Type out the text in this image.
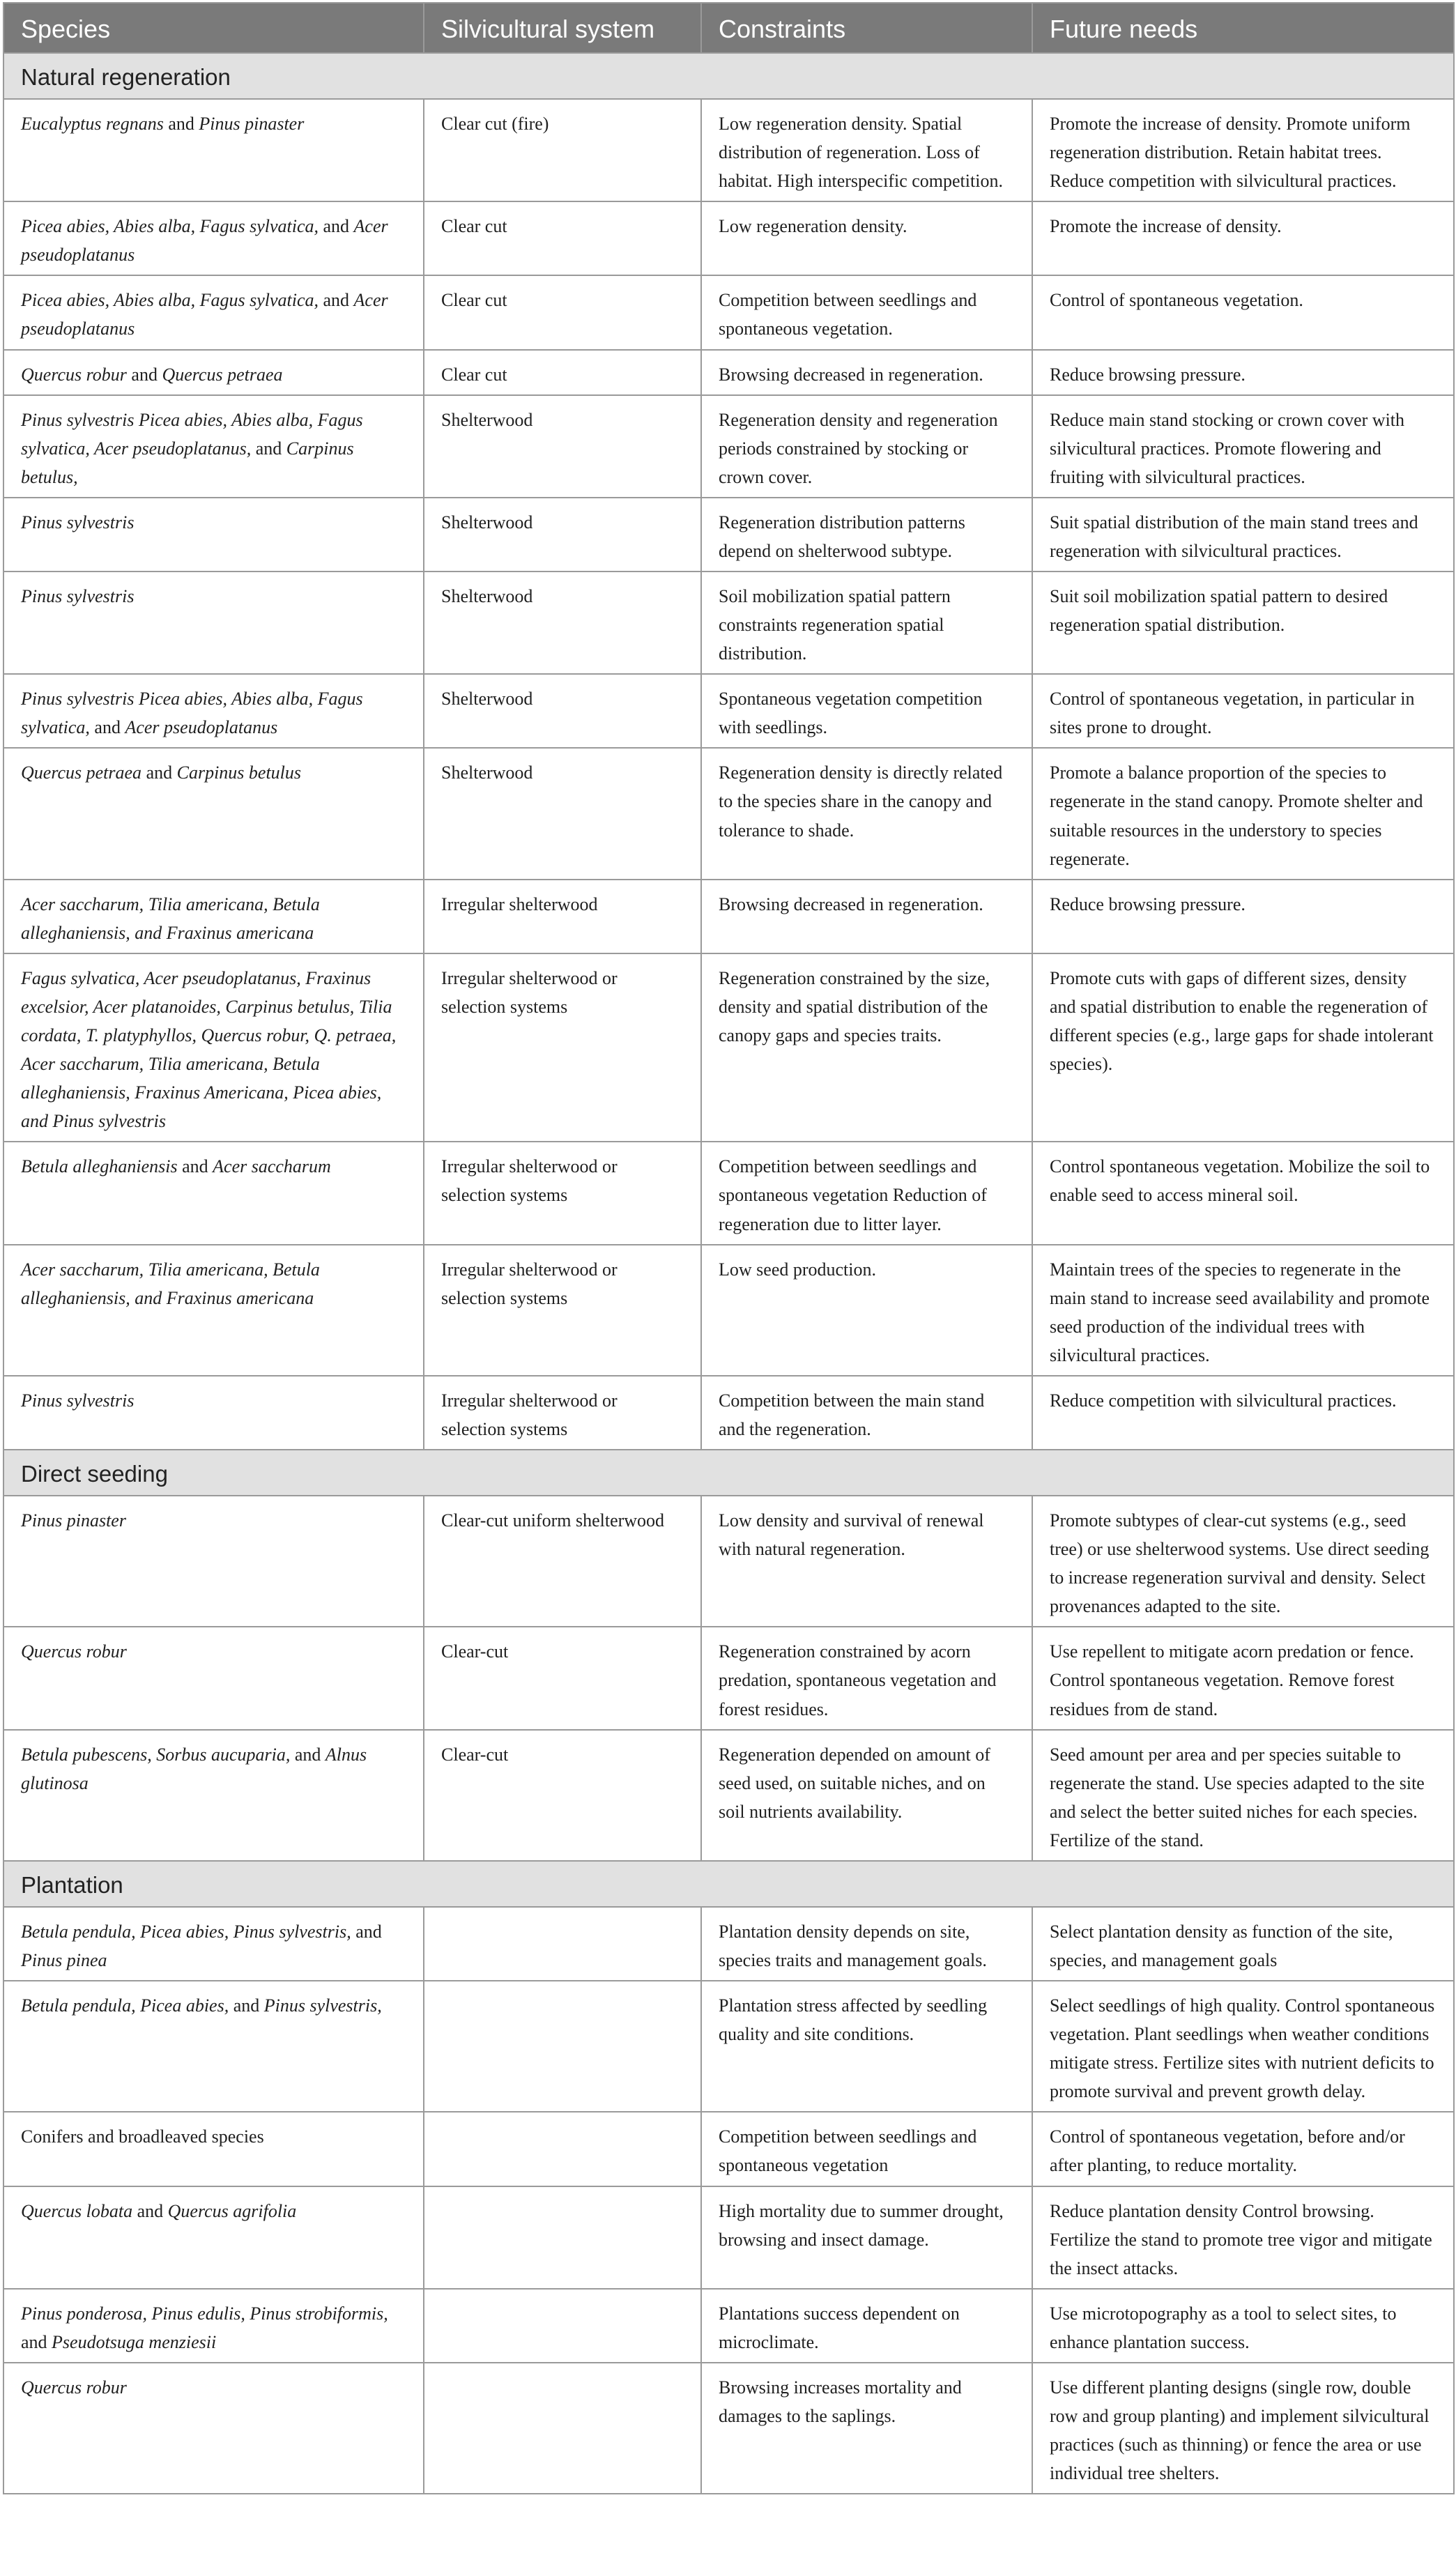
Species	Silvicultural system	Constraints	Future needs
Natural regeneration			
Eucalyptus regnans and Pinus pinaster	Clear cut (fire)	Low regeneration density. Spatial distribution of regeneration. Loss of habitat. High interspecific competition.	Promote the increase of density. Promote uniform regeneration distribution. Retain habitat trees. Reduce competition with silvicultural practices.
Picea abies, Abies alba, Fagus sylvatica, and Acer pseudoplatanus	Clear cut	Low regeneration density.	Promote the increase of density.
Picea abies, Abies alba, Fagus sylvatica, and Acer pseudoplatanus	Clear cut	Competition between seedlings and spontaneous vegetation.	Control of spontaneous vegetation.
Quercus robur and Quercus petraea	Clear cut	Browsing decreased in regeneration.	Reduce browsing pressure.
Pinus sylvestris Picea abies, Abies alba, Fagus sylvatica, Acer pseudoplatanus, and Carpinus betulus,	Shelterwood	Regeneration density and regeneration periods constrained by stocking or crown cover.	Reduce main stand stocking or crown cover with silvicultural practices. Promote flowering and fruiting with silvicultural practices.
Pinus sylvestris	Shelterwood	Regeneration distribution patterns depend on shelterwood subtype.	Suit spatial distribution of the main stand trees and regeneration with silvicultural practices.
Pinus sylvestris	Shelterwood	Soil mobilization spatial pattern constraints regeneration spatial distribution.	Suit soil mobilization spatial pattern to desired regeneration spatial distribution.
Pinus sylvestris Picea abies, Abies alba, Fagus sylvatica, and Acer pseudoplatanus	Shelterwood	Spontaneous vegetation competition with seedlings.	Control of spontaneous vegetation, in particular in sites prone to drought.
Quercus petraea and Carpinus betulus	Shelterwood	Regeneration density is directly related to the species share in the canopy and tolerance to shade.	Promote a balance proportion of the species to regenerate in the stand canopy. Promote shelter and suitable resources in the understory to species regenerate.
Acer saccharum, Tilia americana, Betula alleghaniensis, and Fraxinus americana	Irregular shelterwood	Browsing decreased in regeneration.	Reduce browsing pressure.
Fagus sylvatica, Acer pseudoplatanus, Fraxinus excelsior, Acer platanoides, Carpinus betulus, Tilia cordata, T. platyphyllos, Quercus robur, Q. petraea, Acer saccharum, Tilia americana, Betula alleghaniensis, Fraxinus Americana, Picea abies, and Pinus sylvestris	Irregular shelterwood or selection systems	Regeneration constrained by the size, density and spatial distribution of the canopy gaps and species traits.	Promote cuts with gaps of different sizes, density and spatial distribution to enable the regeneration of different species (e.g., large gaps for shade intolerant species).
Betula alleghaniensis and Acer saccharum	Irregular shelterwood or selection systems	Competition between seedlings and spontaneous vegetation Reduction of regeneration due to litter layer.	Control spontaneous vegetation. Mobilize the soil to enable seed to access mineral soil.
Acer saccharum, Tilia americana, Betula alleghaniensis, and Fraxinus americana	Irregular shelterwood or selection systems	Low seed production.	Maintain trees of the species to regenerate in the main stand to increase seed availability and promote seed production of the individual trees with silvicultural practices.
Pinus sylvestris	Irregular shelterwood or selection systems	Competition between the main stand and the regeneration.	Reduce competition with silvicultural practices.
Direct seeding			
Pinus pinaster	Clear-cut uniform shelterwood	Low density and survival of renewal with natural regeneration.	Promote subtypes of clear-cut systems (e.g., seed tree) or use shelterwood systems. Use direct seeding to increase regeneration survival and density. Select provenances adapted to the site.
Quercus robur	Clear-cut	Regeneration constrained by acorn predation, spontaneous vegetation and forest residues.	Use repellent to mitigate acorn predation or fence. Control spontaneous vegetation. Remove forest residues from de stand.
Betula pubescens, Sorbus aucuparia, and Alnus glutinosa	Clear-cut	Regeneration depended on amount of seed used, on suitable niches, and on soil nutrients availability.	Seed amount per area and per species suitable to regenerate the stand. Use species adapted to the site and select the better suited niches for each species. Fertilize of the stand.
Plantation			
Betula pendula, Picea abies, Pinus sylvestris, and Pinus pinea		Plantation density depends on site, species traits and management goals.	Select plantation density as function of the site, species, and management goals
Betula pendula, Picea abies, and Pinus sylvestris,		Plantation stress affected by seedling quality and site conditions.	Select seedlings of high quality. Control spontaneous vegetation. Plant seedlings when weather conditions mitigate stress. Fertilize sites with nutrient deficits to promote survival and prevent growth delay.
Conifers and broadleaved species		Competition between seedlings and spontaneous vegetation	Control of spontaneous vegetation, before and/or after planting, to reduce mortality.
Quercus lobata and Quercus agrifolia		High mortality due to summer drought, browsing and insect damage.	Reduce plantation density Control browsing. Fertilize the stand to promote tree vigor and mitigate the insect attacks.
Pinus ponderosa, Pinus edulis, Pinus strobiformis, and Pseudotsuga menziesii		Plantations success dependent on microclimate.	Use microtopography as a tool to select sites, to enhance plantation success.
Quercus robur		Browsing increases mortality and damages to the saplings.	Use different planting designs (single row, double row and group planting) and implement silvicultural practices (such as thinning) or fence the area or use individual tree shelters.
